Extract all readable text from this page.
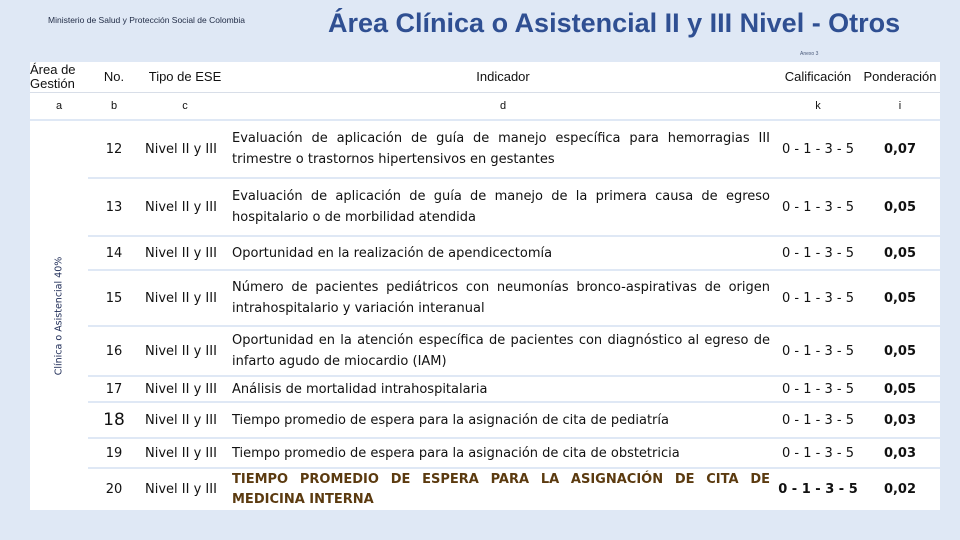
Ministerio de Salud y Protección Social de Colombia	Área Clínica o Asistencial II y III Nivel - Otros
Anexo 3
Área de Gestión	No.	Tipo de ESE	Indicador	Calificación	Ponderación
a	b	c	d	k	i

Clínica o Asistencial 40%	12	Nivel II y III	Evaluación de aplicación de guía de manejo específica para hemorragias III trimestre o trastornos hipertensivos en gestantes	0 - 1 - 3 - 5	0,07
	13	Nivel II y III	Evaluación de aplicación de guía de manejo de la primera causa de egreso hospitalario o de morbilidad atendida	0 - 1 - 3 - 5	0,05
	14	Nivel II y III	Oportunidad en la realización de apendicectomía	0 - 1 - 3 - 5	0,05
	15	Nivel II y III	Número de pacientes pediátricos con neumonías bronco-aspirativas de origen intrahospitalario y variación interanual	0 - 1 - 3 - 5	0,05
	16	Nivel II y III	Oportunidad en la atención específica de pacientes con diagnóstico al egreso de infarto agudo de miocardio (IAM)	0 - 1 - 3 - 5	0,05
	17	Nivel II y III	Análisis de mortalidad intrahospitalaria	0 - 1 - 3 - 5	0,05
	18	Nivel II y III	Tiempo promedio de espera para la asignación de cita de pediatría	0 - 1 - 3 - 5	0,03
	19	Nivel II y III	Tiempo promedio de espera para la asignación de cita de obstetricia	0 - 1 - 3 - 5	0,03
	20	Nivel II y III	TIEMPO PROMEDIO DE ESPERA PARA LA ASIGNACIÓN DE CITA DE MEDICINA INTERNA	0 - 1 - 3 - 5	0,02
